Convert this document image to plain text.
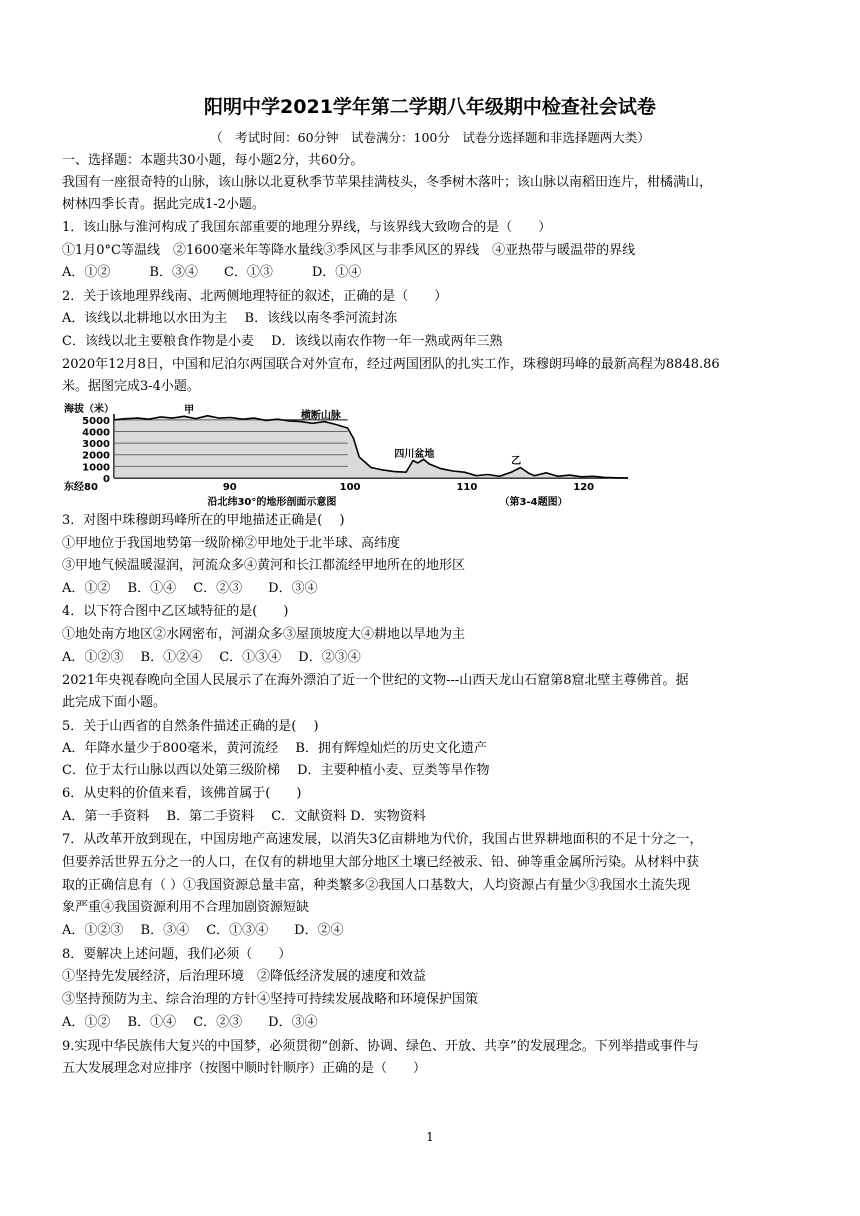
阳明中学2021学年第二学期八年级期中检查社会试卷
（　考试时间：60分钟　试卷满分：100分　试卷分选择题和非选择题两大类）
一、选择题：本题共30小题，每小题2分，共60分。
我国有一座很奇特的山脉，该山脉以北夏秋季节苹果挂满枝头，冬季树木落叶；该山脉以南稻田连片，柑橘满山，
树林四季长青。据此完成1-2小题。
1．该山脉与淮河构成了我国东部重要的地理分界线，与该界线大致吻合的是（　　）
①1月0°C等温线　②1600毫米年等降水量线③季风区与非季风区的界线　④亚热带与暖温带的界线
A．①②　　　B．③④　　C．①③　　　D．①④
2．关于该地理界线南、北两侧地理特征的叙述，正确的是（　　）
A．该线以北耕地以水田为主　 B．该线以南冬季河流封冻
C．该线以北主要粮食作物是小麦　 D．该线以南农作物一年一熟或两年三熟
2020年12月8日，中国和尼泊尔两国联合对外宣布，经过两国团队的扎实工作，珠穆朗玛峰的最新高程为8848.86
米。据图完成3-4小题。
3．对图中珠穆朗玛峰所在的甲地描述正确是(　 )
①甲地位于我国地势第一级阶梯②甲地处于北半球、高纬度
③甲地气候温暖湿润，河流众多④黄河和长江都流经甲地所在的地形区
A．①②　 B．①④　 C．②③　　D．③④
4．以下符合图中乙区域特征的是(　　)
①地处南方地区②水网密布，河湖众多③屋顶坡度大④耕地以旱地为主
A．①②③　 B．①②④　 C．①③④　 D．②③④
2021年央视春晚向全国人民展示了在海外漂泊了近一个世纪的文物---山西天龙山石窟第8窟北壁主尊佛首。据
此完成下面小题。
5．关于山西省的自然条件描述正确的是(　 )
A．年降水量少于800毫米，黄河流经　 B．拥有辉煌灿烂的历史文化遗产
C．位于太行山脉以西以处第三级阶梯　 D．主要种植小麦、豆类等旱作物
6．从史料的价值来看，该佛首属于(　　)
A．第一手资料　 B．第二手资料　 C．文献资料 D．实物资料
7．从改革开放到现在，中国房地产高速发展，以消失3亿亩耕地为代价，我国占世界耕地面积的不足十分之一，
但要养活世界五分之一的人口，在仅有的耕地里大部分地区土壤已经被汞、铅、砷等重金属所污染。从材料中获
取的正确信息有（ ）①我国资源总量丰富，种类繁多②我国人口基数大，人均资源占有量少③我国水土流失现
象严重④我国资源利用不合理加剧资源短缺
A．①②③　 B．③④　 C．①③④　　D．②④
8．要解决上述问题，我们必须（　　）
①坚持先发展经济，后治理环境　②降低经济发展的速度和效益
③坚持预防为主、综合治理的方针④坚持可持续发展战略和环境保护国策
A．①②　 B．①④　 C．②③　　D．③④
9.实现中华民族伟大复兴的中国梦，必须贯彻“创新、协调、绿色、开放、共享”的发展理念。下列举措或事件与
五大发展理念对应排序（按图中顺时针顺序）正确的是（　　）
5000
4000
3000
2000
1000
0
海拔（米）
东经80	90	100	110	120
甲
横断山脉
四川盆地
乙
沿北纬30°的地形剖面示意图	（第3-4题图）
1
